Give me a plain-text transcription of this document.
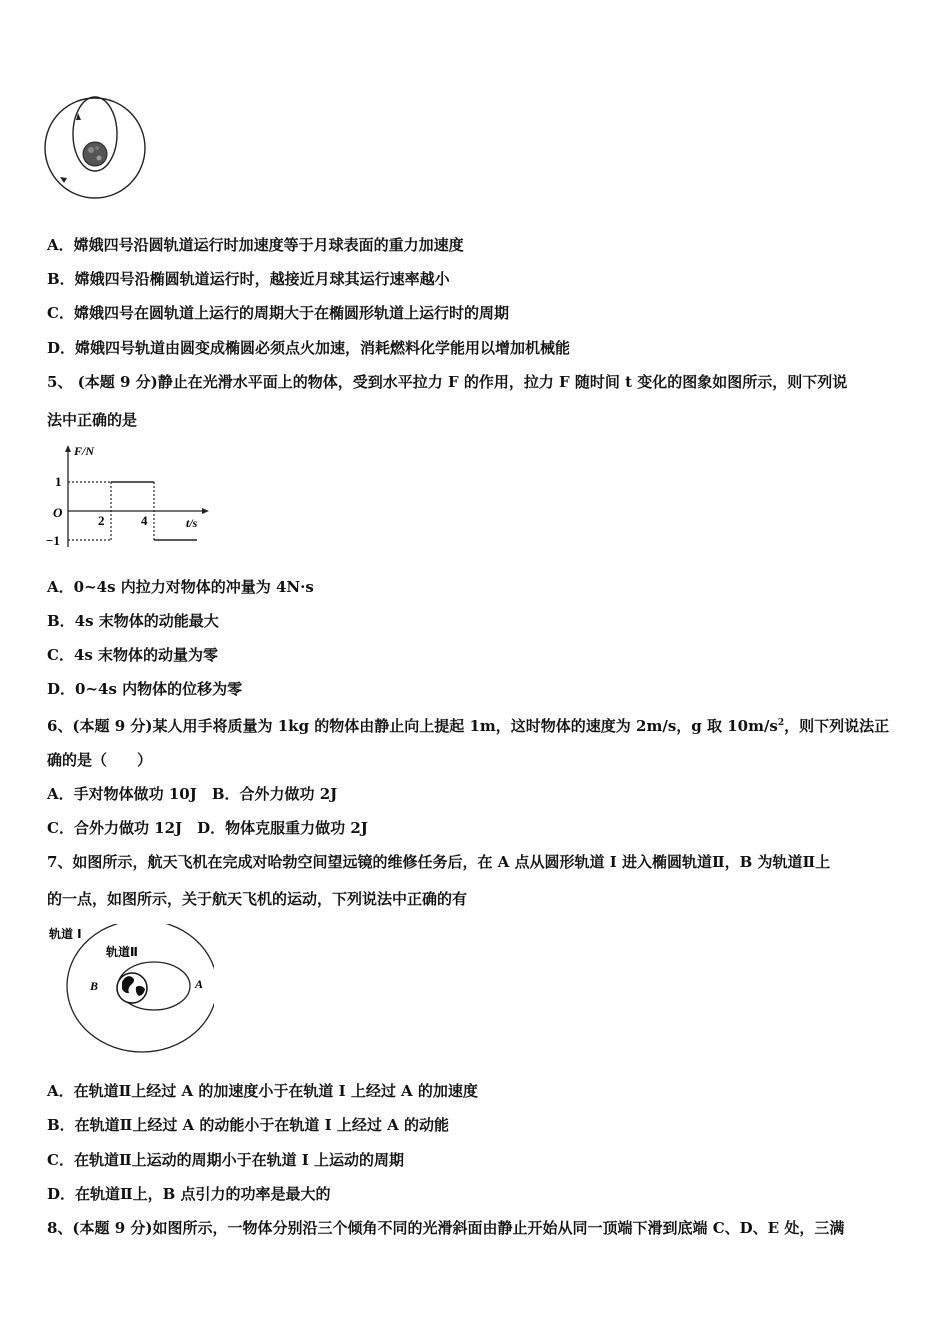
A．嫦娥四号沿圆轨道运行时加速度等于月球表面的重力加速度
B．嫦娥四号沿椭圆轨道运行时，越接近月球其运行速率越小
C．嫦娥四号在圆轨道上运行的周期大于在椭圆形轨道上运行时的周期
D．嫦娥四号轨道由圆变成椭圆必须点火加速，消耗燃料化学能用以增加机械能
5、 (本题 9 分)静止在光滑水平面上的物体，受到水平拉力 F 的作用，拉力 F 随时间 t 变化的图象如图所示，则下列说
法中正确的是
F/N
t/s
O
1
−1
2	4
A．0~4s 内拉力对物体的冲量为 4N·s
B．4s 末物体的动能最大
C．4s 末物体的动量为零
D．0~4s 内物体的位移为零
6、(本题 9 分)某人用手将质量为 1kg 的物体由静止向上提起 1m，这时物体的速度为 2m/s，g 取 $10m/s^2$，则下列说法正
确的是（　　）
A．手对物体做功 10J　B．合外力做功 2J
C．合外力做功 12J　D．物体克服重力做功 2J
7、如图所示，航天飞机在完成对哈勃空间望远镜的维修任务后，在 A 点从圆形轨道 I 进入椭圆轨道Ⅱ，B 为轨道Ⅱ上
的一点，如图所示，关于航天飞机的运动，下列说法中正确的有
轨道 I
轨道Ⅱ
B	A
A．在轨道Ⅱ上经过 A 的加速度小于在轨道 I 上经过 A 的加速度
B．在轨道Ⅱ上经过 A 的动能小于在轨道 I 上经过 A 的动能
C．在轨道Ⅱ上运动的周期小于在轨道 I 上运动的周期
D．在轨道Ⅱ上，B 点引力的功率是最大的
8、(本题 9 分)如图所示，一物体分别沿三个倾角不同的光滑斜面由静止开始从同一顶端下滑到底端 C、D、E 处，三满
